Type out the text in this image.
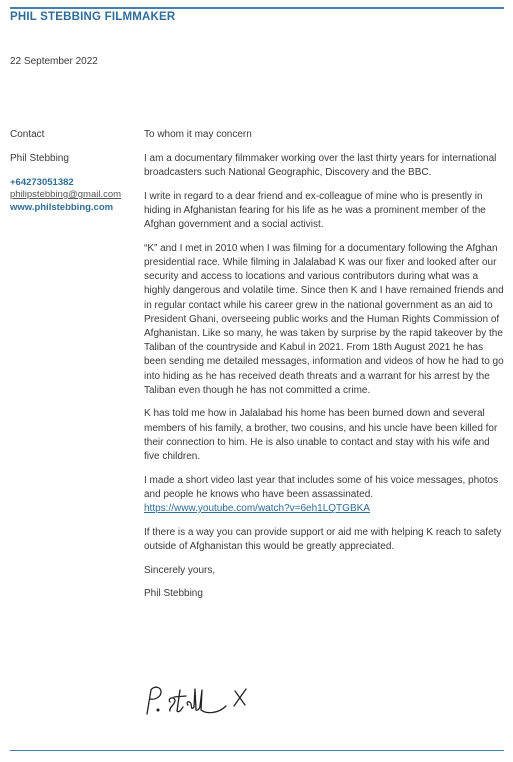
PHIL STEBBING FILMMAKER
22 September 2022
Contact
Phil Stebbing
+64273051382
philipstebbing@gmail.com
www.philstebbing.com

To whom it may concern

I am a documentary filmmaker working over the last thirty years for international broadcasters such National Geographic, Discovery and the BBC.

I write in regard to a dear friend and ex-colleague of mine who is presently in hiding in Afghanistan fearing for his life as he was a prominent member of the Afghan government and a social activist.

“K” and I met in 2010 when I was filming for a documentary following the Afghan presidential race. While filming in Jalalabad K was our fixer and looked after our security and access to locations and various contributors during what was a highly dangerous and volatile time. Since then K and I have remained friends and in regular contact while his career grew in the national government as an aid to President Ghani, overseeing public works and the Human Rights Commission of Afghanistan. Like so many, he was taken by surprise by the rapid takeover by the Taliban of the countryside and Kabul in 2021. From 18th August 2021 he has been sending me detailed messages, information and videos of how he had to go into hiding as he has received death threats and a warrant for his arrest by the Taliban even though he has not committed a crime.

K has told me how in Jalalabad his home has been burned down and several members of his family, a brother, two cousins, and his uncle have been killed for their connection to him. He is also unable to contact and stay with his wife and five children.

I made a short video last year that includes some of his voice messages, photos and people he knows who have been assassinated. https://www.youtube.com/watch?v=6eh1LQTGBKA

If there is a way you can provide support or aid me with helping K reach to safety outside of Afghanistan this would be greatly appreciated.

Sincerely yours,

Phil Stebbing
